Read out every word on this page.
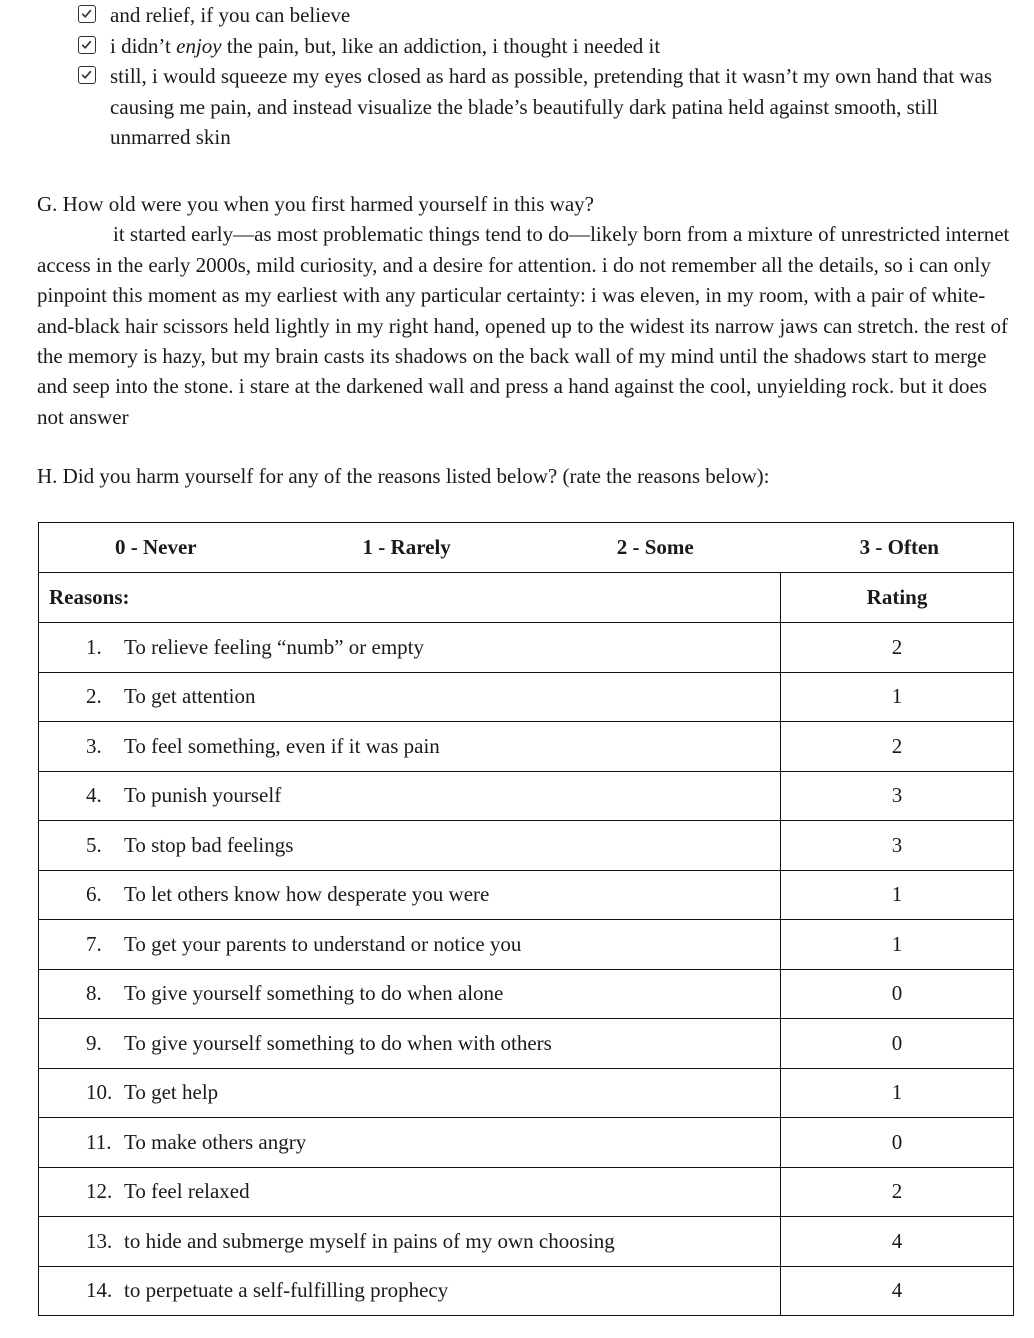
and relief, if you can believe
i didn’t enjoy the pain, but, like an addiction, i thought i needed it
still, i would squeeze my eyes closed as hard as possible, pretending that it wasn’t my own hand that was causing me pain, and instead visualize the blade’s beautifully dark patina held against smooth, still unmarred skin

G. How old were you when you first harmed yourself in this way?

it started early—as most problematic things tend to do—likely born from a mixture of unrestricted internet access in the early 2000s, mild curiosity, and a desire for attention. i do not remember all the details, so i can only pinpoint this moment as my earliest with any particular certainty: i was eleven, in my room, with a pair of white-and-black hair scissors held lightly in my right hand, opened up to the widest its narrow jaws can stretch. the rest of the memory is hazy, but my brain casts its shadows on the back wall of my mind until the shadows start to merge and seep into the stone. i stare at the darkened wall and press a hand against the cool, unyielding rock. but it does not answer

H. Did you harm yourself for any of the reasons listed below? (rate the reasons below):
0 - Never 1 - Rarely 2 - Some 3 - Often	

Reasons:	Rating
1. To relieve feeling “numb” or empty	2
2. To get attention	1
3. To feel something, even if it was pain	2
4. To punish yourself	3
5. To stop bad feelings	3
6. To let others know how desperate you were	1
7. To get your parents to understand or notice you	1
8. To give yourself something to do when alone	0
9. To give yourself something to do when with others	0
10. To get help	1
11. To make others angry	0
12. To feel relaxed	2
13. to hide and submerge myself in pains of my own choosing	4
14. to perpetuate a self-fulfilling prophecy	4
